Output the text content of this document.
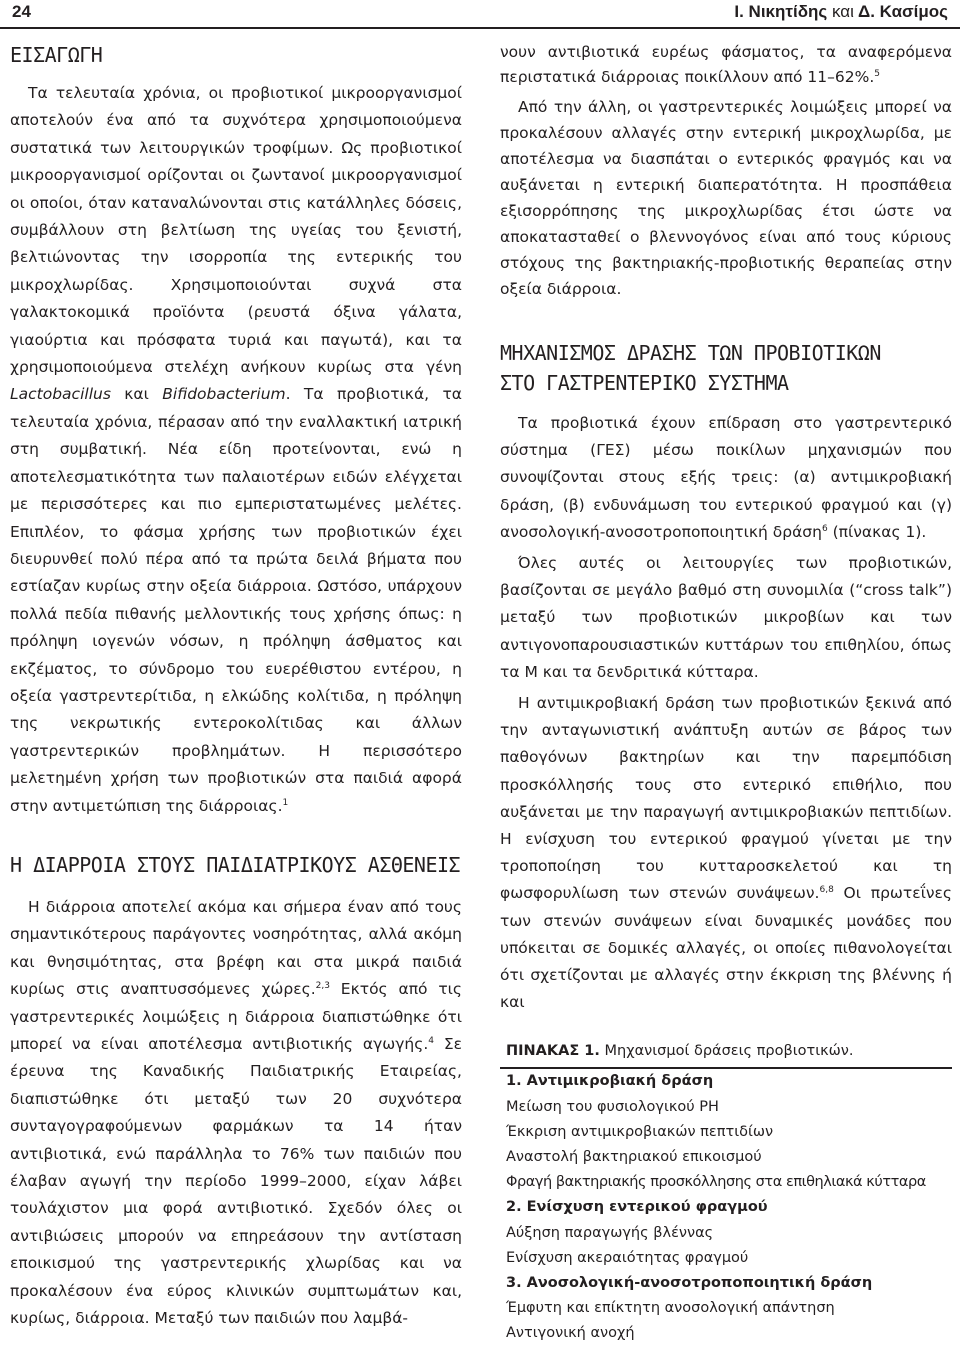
24	Ι. Νικητίδης και Δ. Κασίμος
ΕΙΣΑΓΩΓΗ

Τα τελευταία χρόνια, οι προβιοτικοί μικροοργανισμοί αποτελούν ένα από τα συχνότερα χρησιμοποιούμενα συστατικά των λειτουργικών τροφίμων. Ως προβιοτικοί μικροοργανισμοί ορίζονται οι ζωντανοί μικροοργανισμοί οι οποίοι, όταν καταναλώνονται στις κατάλληλες δόσεις, συμβάλλουν στη βελτίωση της υγείας του ξενιστή, βελτιώνοντας την ισορροπία της εντερικής του μικροχλωρίδας. Χρησιμοποιούνται συχνά στα γαλακτοκομικά προϊόντα (ρευστά όξινα γάλατα, γιαούρτια και πρόσφατα τυριά και παγωτά), και τα χρησιμοποιούμενα στελέχη ανήκουν κυρίως στα γένη Lactobacillus και Bifidobacterium. Τα προβιοτικά, τα τελευταία χρόνια, πέρασαν από την εναλλακτική ιατρική στη συμβατική. Νέα είδη προτείνονται, ενώ η αποτελεσματικότητα των παλαιοτέρων ειδών ελέγχεται με περισσότερες και πιο εμπεριστατωμένες μελέτες. Επιπλέον, το φάσμα χρήσης των προβιοτικών έχει διευρυνθεί πολύ πέρα από τα πρώτα δειλά βήματα που εστίαζαν κυρίως στην οξεία διάρροια. Ωστόσο, υπάρχουν πολλά πεδία πιθανής μελλοντικής τους χρήσης όπως: η πρόληψη ιογενών νόσων, η πρόληψη άσθματος και εκζέματος, το σύνδρομο του ευερέθιστου εντέρου, η οξεία γαστρεντερίτιδα, η ελκώδης κολίτιδα, η πρόληψη της νεκρωτικής εντεροκολίτιδας και άλλων γαστρεντερικών προβλημάτων. Η περισσότερο μελετημένη χρήση των προβιοτικών στα παιδιά αφορά στην αντιμετώπιση της διάρροιας.$^1$

Η ΔΙΑΡΡΟΙΑ ΣΤΟΥΣ ΠΑΙΔΙΑΤΡΙΚΟΥΣ ΑΣΘΕΝΕΙΣ

Η διάρροια αποτελεί ακόμα και σήμερα έναν από τους σημαντικότερους παράγοντες νοσηρότητας, αλλά ακόμη και θνησιμότητας, στα βρέφη και στα μικρά παιδιά κυρίως στις αναπτυσσόμενες χώρες.$^{2,3}$ Εκτός από τις γαστρεντερικές λοιμώξεις η διάρροια διαπιστώθηκε ότι μπορεί να είναι αποτέλεσμα αντιβιοτικής αγωγής.$^4$ Σε έρευνα της Καναδικής Παιδιατρικής Εταιρείας, διαπιστώθηκε ότι μεταξύ των 20 συχνότερα συνταγογραφούμενων φαρμάκων τα 14 ήταν αντιβιοτικά, ενώ παράλληλα το 76% των παιδιών που έλαβαν αγωγή την περίοδο 1999–2000, είχαν λάβει τουλάχιστον μια φορά αντιβιοτικό. Σχεδόν όλες οι αντιβιώσεις μπορούν να επηρεάσουν την αντίσταση εποικισμού της γαστρεντερικής χλωρίδας και να προκαλέσουν ένα εύρος κλινικών συμπτωμάτων και, κυρίως, διάρροια. Μεταξύ των παιδιών που λαμβά-

νουν αντιβιοτικά ευρέως φάσματος, τα αναφερόμενα περιστατικά διάρροιας ποικίλλουν από 11–62%.$^5$

Από την άλλη, οι γαστρεντερικές λοιμώξεις μπορεί να προκαλέσουν αλλαγές στην εντερική μικροχλωρίδα, με αποτέλεσμα να διασπάται ο εντερικός φραγμός και να αυξάνεται η εντερική διαπερατότητα. Η προσπάθεια εξισορρόπησης της μικροχλωρίδας έτσι ώστε να αποκατασταθεί ο βλεννογόνος είναι από τους κύριους στόχους της βακτηριακής-προβιοτικής θεραπείας στην οξεία διάρροια.

ΜΗΧΑΝΙΣΜΟΣ ΔΡΑΣΗΣ ΤΩΝ ΠΡΟΒΙΟΤΙΚΩΝ
ΣΤΟ ΓΑΣΤΡΕΝΤΕΡΙΚΟ ΣΥΣΤΗΜΑ

Τα προβιοτικά έχουν επίδραση στο γαστρεντερικό σύστημα (ΓΕΣ) μέσω ποικίλων μηχανισμών που συνοψίζονται στους εξής τρεις: (α) αντιμικροβιακή δράση, (β) ενδυνάμωση του εντερικού φραγμού και (γ) ανοσολογική-ανοσοτροποποιητική δράση$^6$ (πίνακας 1).

Όλες αυτές οι λειτουργίες των προβιοτικών, βασίζονται σε μεγάλο βαθμό στη συνομιλία (“cross talk”) μεταξύ των προβιοτικών μικροβίων και των αντιγονοπαρουσιαστικών κυττάρων του επιθηλίου, όπως τα Μ και τα δενδριτικά κύτταρα.

Η αντιμικροβιακή δράση των προβιοτικών ξεκινά από την ανταγωνιστική ανάπτυξη αυτών σε βάρος των παθογόνων βακτηρίων και την παρεμπόδιση προσκόλλησής τους στο εντερικό επιθήλιο, που αυξάνεται με την παραγωγή αντιμικροβιακών πεπτιδίων. Η ενίσχυση του εντερικού φραγμού γίνεται με την τροποποίηση του κυτταροσκελετού και τη φωσφορυλίωση των στενών συνάψεων.$^{6,8}$ Οι πρωτεΐνες των στενών συνάψεων είναι δυναμικές μονάδες που υπόκειται σε δομικές αλλαγές, οι οποίες πιθανολογείται ότι σχετίζονται με αλλαγές στην έκκριση της βλέννης ή και

ΠΙΝΑΚΑΣ 1. Μηχανισμοί δράσεις προβιοτικών.
1. Αντιμικροβιακή δράση
Μείωση του φυσιολογικού PH
Έκκριση αντιμικροβιακών πεπτιδίων
Αναστολή βακτηριακού επικοισμού
Φραγή βακτηριακής προσκόλλησης στα επιθηλιακά κύτταρα
2. Ενίσχυση εντερικού φραγμού
Αύξηση παραγωγής βλέννας
Ενίσχυση ακεραιότητας φραγμού
3. Ανοσολογική-ανοσοτροποποιητική δράση
Έμφυτη και επίκτητη ανοσολογική απάντηση
Αντιγονική ανοχή
